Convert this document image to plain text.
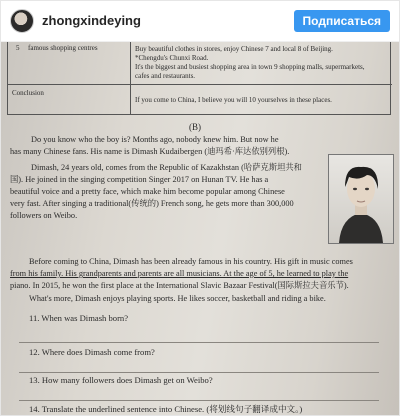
zhongxindeying	Подписаться
5 famous shopping centres	Buy beautiful clothes in stores, enjoy Chinese 7 and local 8 of Beijing.
*Chengdu's Chunxi Road.
It's the biggest and busiest shopping area in town 9 shopping malls, supermarkets,
cafes and restaurants.
Conclusion
If you come to China, I believe you will 10 yourselves in these places.
(B)
Do you know who the boy is? Months ago, nobody knew him. But now he
has many Chinese fans. His name is Dimash Kudaibergen (迪玛希·库达依别列根).
Dimash, 24 years old, comes from the Republic of Kazakhstan (哈萨克斯坦共和
国). He joined in the singing competition Singer 2017 on Hunan TV. He has a
beautiful voice and a pretty face, which make him become popular among Chinese
very fast. After singing a traditional(传统的) French song, he gets more than 300,000
followers on Weibo.
Before coming to China, Dimash has been already famous in his country. His gift in music comes
from his family. His grandparents and parents are all musicians. At the age of 5, he learned to play the
piano. In 2015, he won the first place at the International Slavic Bazaar Festival(国际斯拉夫音乐节).
What's more, Dimash enjoys playing sports. He likes soccer, basketball and riding a bike.
11. When was Dimash born?
12. Where does Dimash come from?
13. How many followers does Dimash get on Weibo?
14. Translate the underlined sentence into Chinese. (将划线句子翻译成中文。)
